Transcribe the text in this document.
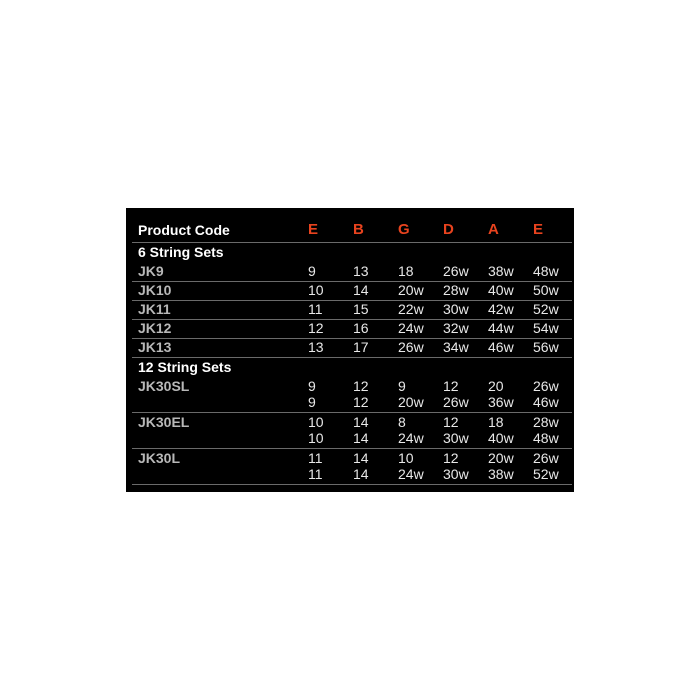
Product Code	E B G D A E
6 String Sets
JK9	9	13 18 26w 38w 48w
JK10	10 14 20w 28w 40w 50w
JK11	11 15 22w 30w 42w 52w
JK12	12 16 24w 32w 44w 54w
JK13	13 17 26w 34w 46w 56w
12 String Sets
JK30SL	9	12 9	12 20 26w
9	12 20w 26w 36w 46w
JK30EL	10 14 8	12 18 28w
10 14 24w 30w 40w 48w
JK30L	11 14 10 12 20w 26w
11 14 24w 30w 38w 52w
